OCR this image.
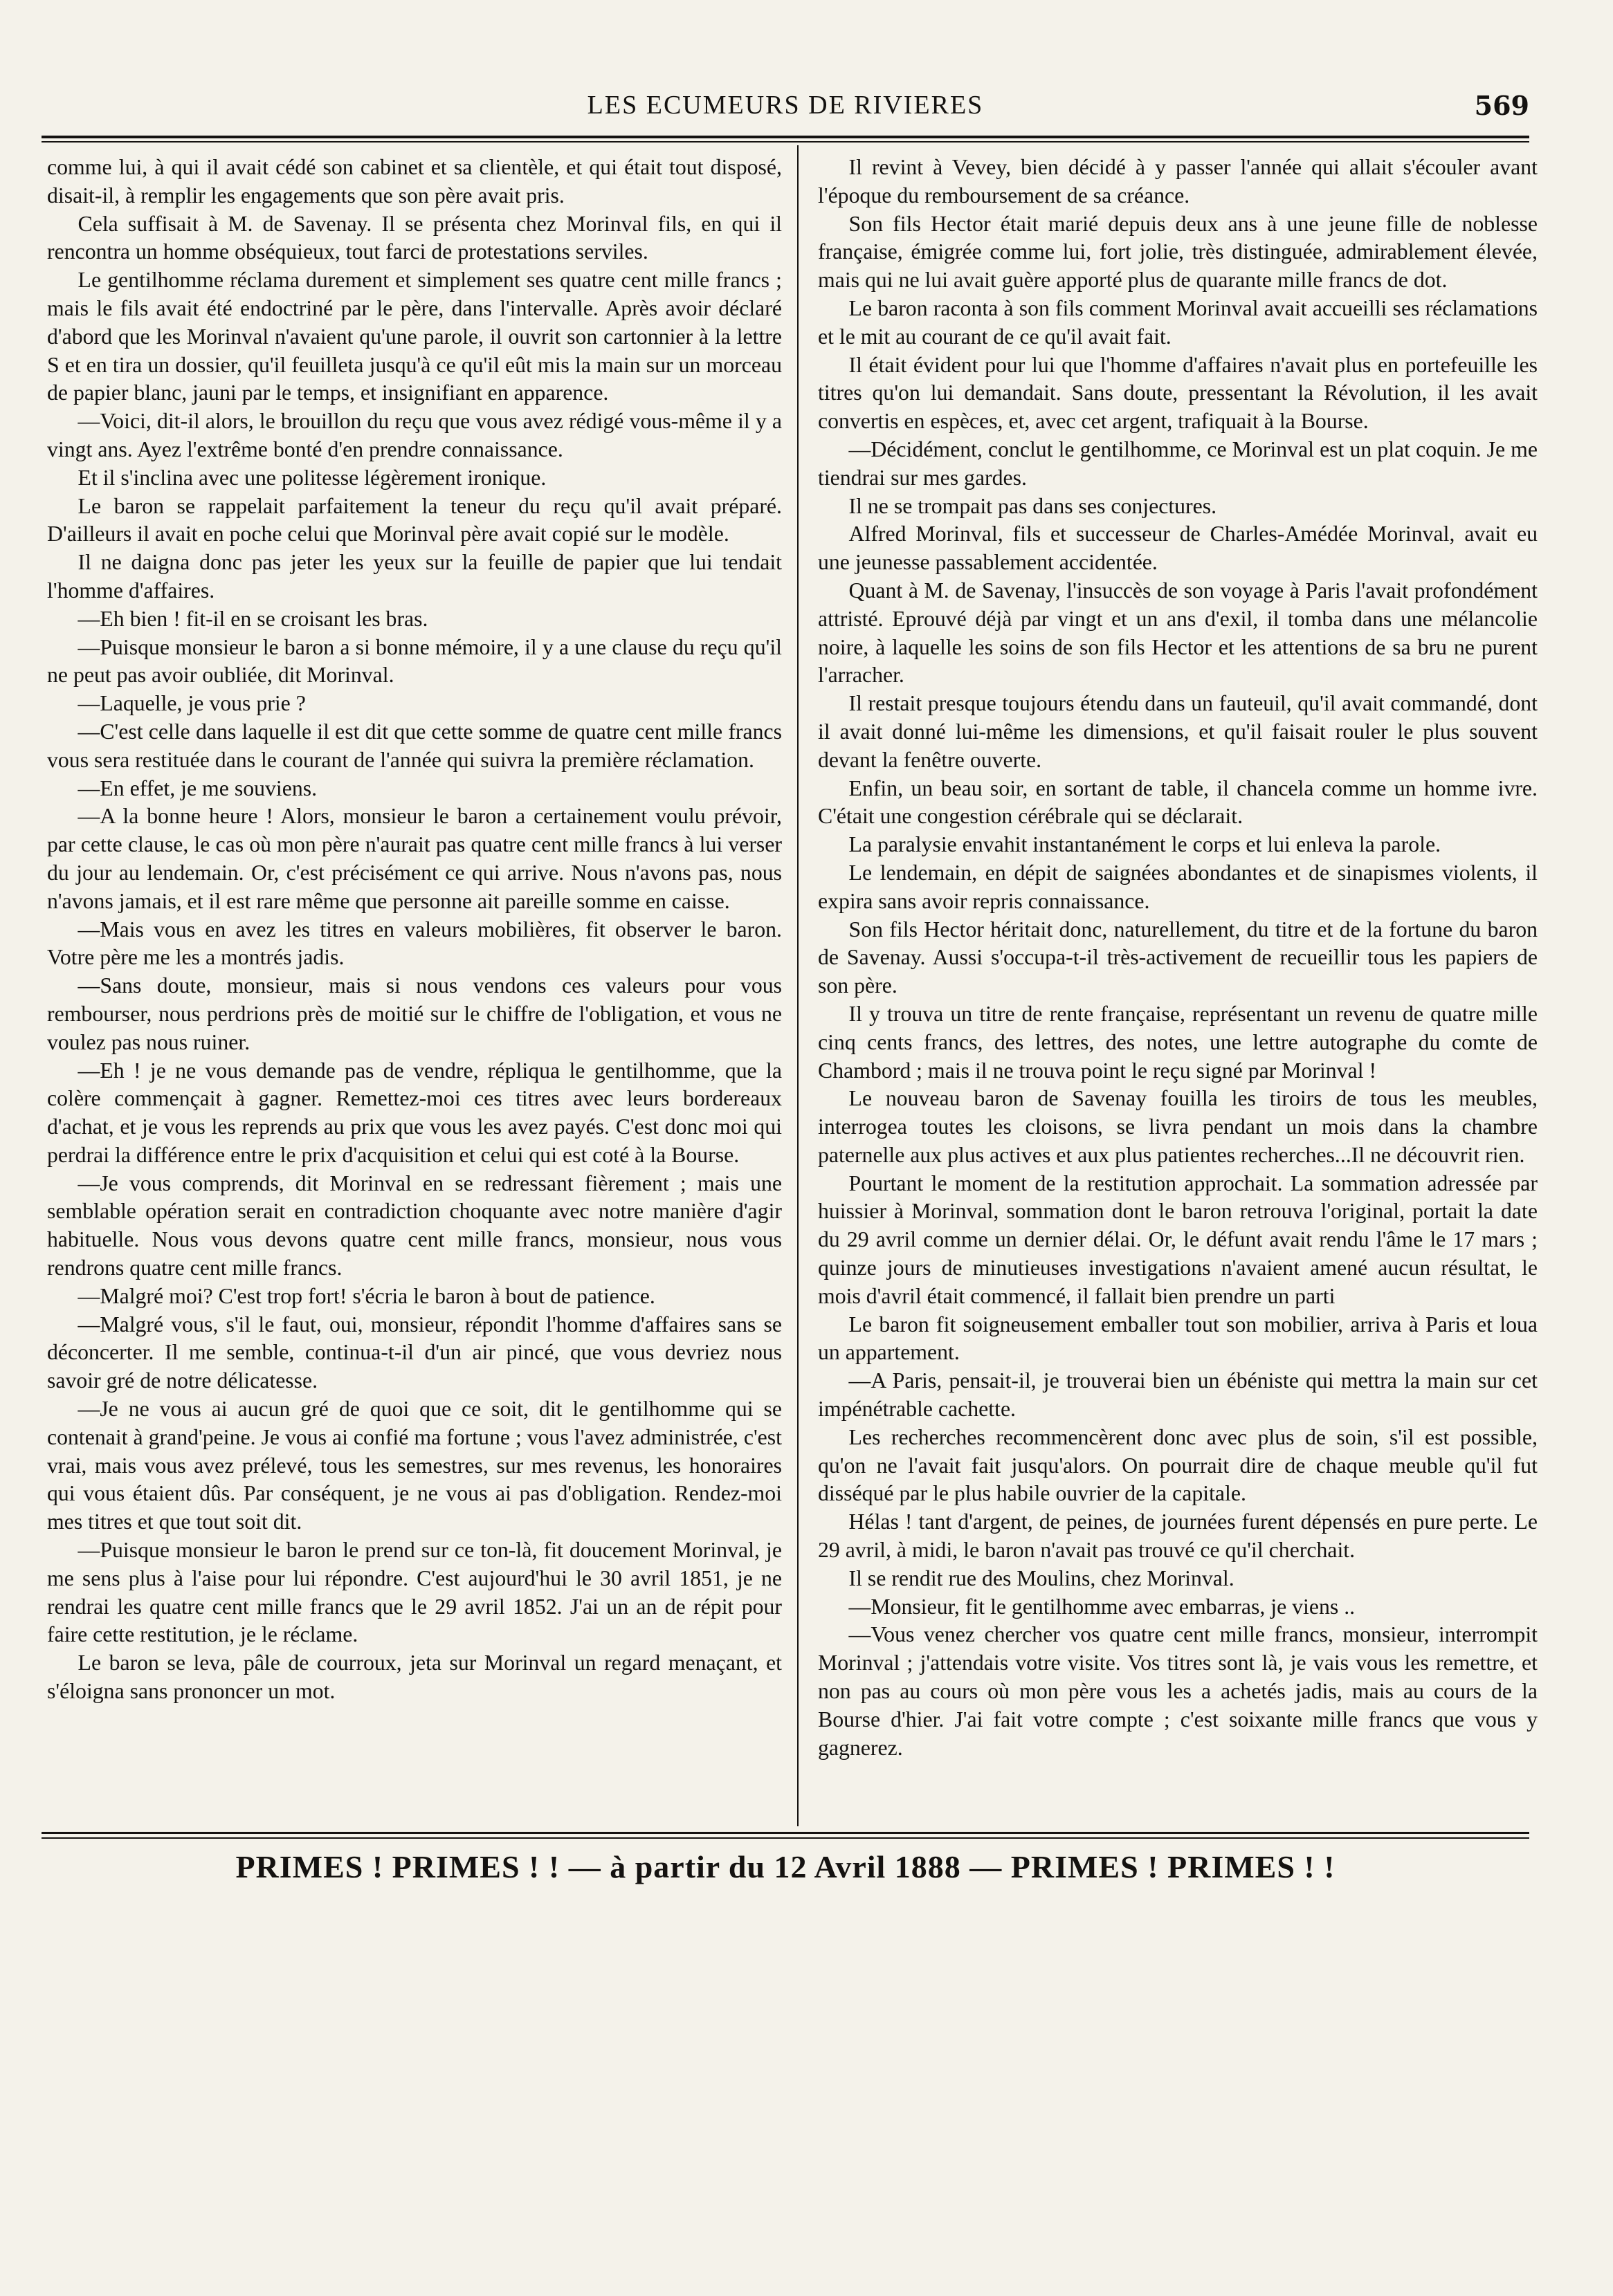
LES ECUMEURS DE RIVIERES	569

comme lui, à qui il avait cédé son cabinet et sa clientèle, et qui était tout disposé, disait-il, à remplir les engagements que son père avait pris.

Cela suffisait à M. de Savenay. Il se présenta chez Morinval fils, en qui il rencontra un homme obséquieux, tout farci de protestations serviles.

Le gentilhomme réclama durement et simplement ses quatre cent mille francs ; mais le fils avait été endoctriné par le père, dans l'intervalle. Après avoir déclaré d'abord que les Morinval n'avaient qu'une parole, il ouvrit son cartonnier à la lettre S et en tira un dossier, qu'il feuilleta jusqu'à ce qu'il eût mis la main sur un morceau de papier blanc, jauni par le temps, et insignifiant en apparence.

—Voici, dit-il alors, le brouillon du reçu que vous avez rédigé vous-même il y a vingt ans. Ayez l'extrême bonté d'en prendre connaissance.

Et il s'inclina avec une politesse légèrement ironique.

Le baron se rappelait parfaitement la teneur du reçu qu'il avait préparé. D'ailleurs il avait en poche celui que Morinval père avait copié sur le modèle.

Il ne daigna donc pas jeter les yeux sur la feuille de papier que lui tendait l'homme d'affaires.

—Eh bien ! fit-il en se croisant les bras.

—Puisque monsieur le baron a si bonne mémoire, il y a une clause du reçu qu'il ne peut pas avoir oubliée, dit Morinval.

—Laquelle, je vous prie ?

—C'est celle dans laquelle il est dit que cette somme de quatre cent mille francs vous sera restituée dans le courant de l'année qui suivra la première réclamation.

—En effet, je me souviens.

—A la bonne heure ! Alors, monsieur le baron a certainement voulu prévoir, par cette clause, le cas où mon père n'aurait pas quatre cent mille francs à lui verser du jour au lendemain. Or, c'est précisément ce qui arrive. Nous n'avons pas, nous n'avons jamais, et il est rare même que personne ait pareille somme en caisse.

—Mais vous en avez les titres en valeurs mobilières, fit observer le baron. Votre père me les a montrés jadis.

—Sans doute, monsieur, mais si nous vendons ces valeurs pour vous rembourser, nous perdrions près de moitié sur le chiffre de l'obligation, et vous ne voulez pas nous ruiner.

—Eh ! je ne vous demande pas de vendre, répliqua le gentilhomme, que la colère commençait à gagner. Remettez-moi ces titres avec leurs bordereaux d'achat, et je vous les reprends au prix que vous les avez payés. C'est donc moi qui perdrai la différence entre le prix d'acquisition et celui qui est coté à la Bourse.

—Je vous comprends, dit Morinval en se redressant fièrement ; mais une semblable opération serait en contradiction choquante avec notre manière d'agir habituelle. Nous vous devons quatre cent mille francs, monsieur, nous vous rendrons quatre cent mille francs.

—Malgré moi? C'est trop fort! s'écria le baron à bout de patience.

—Malgré vous, s'il le faut, oui, monsieur, répondit l'homme d'affaires sans se déconcerter. Il me semble, continua-t-il d'un air pincé, que vous devriez nous savoir gré de notre délicatesse.

—Je ne vous ai aucun gré de quoi que ce soit, dit le gentilhomme qui se contenait à grand'peine. Je vous ai confié ma fortune ; vous l'avez administrée, c'est vrai, mais vous avez prélevé, tous les semestres, sur mes revenus, les honoraires qui vous étaient dûs. Par conséquent, je ne vous ai pas d'obligation. Rendez-moi mes titres et que tout soit dit.

—Puisque monsieur le baron le prend sur ce ton-là, fit doucement Morinval, je me sens plus à l'aise pour lui répondre. C'est aujourd'hui le 30 avril 1851, je ne rendrai les quatre cent mille francs que le 29 avril 1852. J'ai un an de répit pour faire cette restitution, je le réclame.

Le baron se leva, pâle de courroux, jeta sur Morinval un regard menaçant, et s'éloigna sans prononcer un mot.

Il revint à Vevey, bien décidé à y passer l'année qui allait s'écouler avant l'époque du remboursement de sa créance.

Son fils Hector était marié depuis deux ans à une jeune fille de noblesse française, émigrée comme lui, fort jolie, très distinguée, admirablement élevée, mais qui ne lui avait guère apporté plus de quarante mille francs de dot.

Le baron raconta à son fils comment Morinval avait accueilli ses réclamations et le mit au courant de ce qu'il avait fait.

Il était évident pour lui que l'homme d'affaires n'avait plus en portefeuille les titres qu'on lui demandait. Sans doute, pressentant la Révolution, il les avait convertis en espèces, et, avec cet argent, trafiquait à la Bourse.

—Décidément, conclut le gentilhomme, ce Morinval est un plat coquin. Je me tiendrai sur mes gardes.

Il ne se trompait pas dans ses conjectures.

Alfred Morinval, fils et successeur de Charles-Amédée Morinval, avait eu une jeunesse passablement accidentée.

Quant à M. de Savenay, l'insuccès de son voyage à Paris l'avait profondément attristé. Eprouvé déjà par vingt et un ans d'exil, il tomba dans une mélancolie noire, à laquelle les soins de son fils Hector et les attentions de sa bru ne purent l'arracher.

Il restait presque toujours étendu dans un fauteuil, qu'il avait commandé, dont il avait donné lui-même les dimensions, et qu'il faisait rouler le plus souvent devant la fenêtre ouverte.

Enfin, un beau soir, en sortant de table, il chancela comme un homme ivre. C'était une congestion cérébrale qui se déclarait.

La paralysie envahit instantanément le corps et lui enleva la parole.

Le lendemain, en dépit de saignées abondantes et de sinapismes violents, il expira sans avoir repris connaissance.

Son fils Hector héritait donc, naturellement, du titre et de la fortune du baron de Savenay. Aussi s'occupa-t-il très-activement de recueillir tous les papiers de son père.

Il y trouva un titre de rente française, représentant un revenu de quatre mille cinq cents francs, des lettres, des notes, une lettre autographe du comte de Chambord ; mais il ne trouva point le reçu signé par Morinval !

Le nouveau baron de Savenay fouilla les tiroirs de tous les meubles, interrogea toutes les cloisons, se livra pendant un mois dans la chambre paternelle aux plus actives et aux plus patientes recherches...Il ne découvrit rien.

Pourtant le moment de la restitution approchait. La sommation adressée par huissier à Morinval, sommation dont le baron retrouva l'original, portait la date du 29 avril comme un dernier délai. Or, le défunt avait rendu l'âme le 17 mars ; quinze jours de minutieuses investigations n'avaient amené aucun résultat, le mois d'avril était commencé, il fallait bien prendre un parti

Le baron fit soigneusement emballer tout son mobilier, arriva à Paris et loua un appartement.

—A Paris, pensait-il, je trouverai bien un ébéniste qui mettra la main sur cet impénétrable cachette.

Les recherches recommencèrent donc avec plus de soin, s'il est possible, qu'on ne l'avait fait jusqu'alors. On pourrait dire de chaque meuble qu'il fut disséqué par le plus habile ouvrier de la capitale.

Hélas ! tant d'argent, de peines, de journées furent dépensés en pure perte. Le 29 avril, à midi, le baron n'avait pas trouvé ce qu'il cherchait.

Il se rendit rue des Moulins, chez Morinval.

—Monsieur, fit le gentilhomme avec embarras, je viens ..

—Vous venez chercher vos quatre cent mille francs, monsieur, interrompit Morinval ; j'attendais votre visite. Vos titres sont là, je vais vous les remettre, et non pas au cours où mon père vous les a achetés jadis, mais au cours de la Bourse d'hier. J'ai fait votre compte ; c'est soixante mille francs que vous y gagnerez.

PRIMES ! PRIMES ! ! — à partir du 12 Avril 1888 — PRIMES ! PRIMES ! !
